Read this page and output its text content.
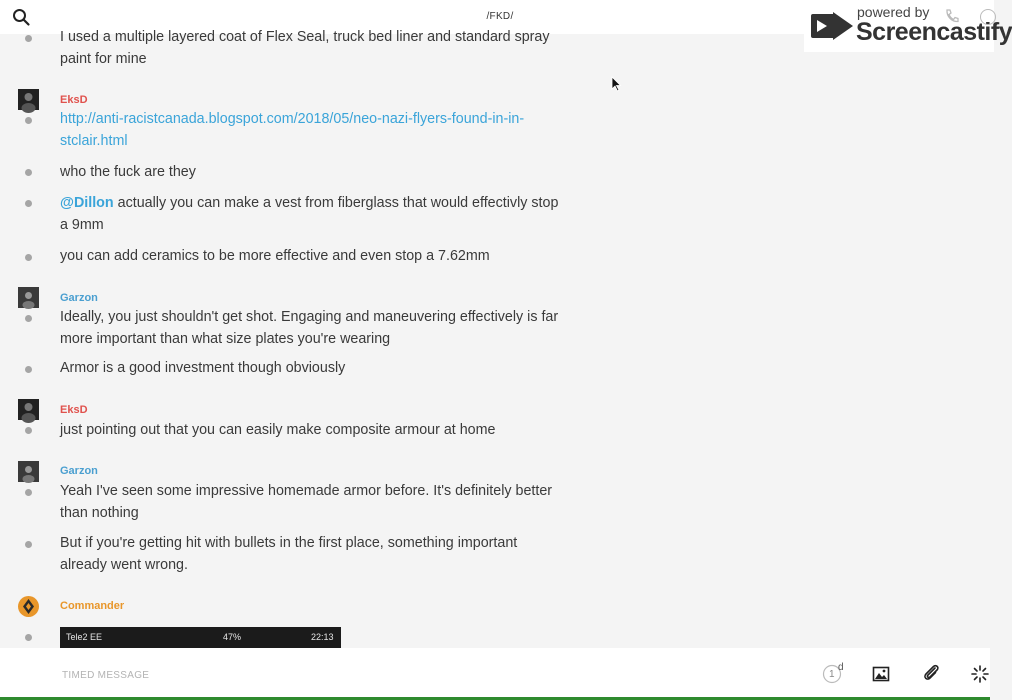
/FKD/	powered by
Screencastify
I used a multiple layered coat of Flex Seal, truck bed liner and standard spray paint for mine
EksD
http://anti-racistcanada.blogspot.com/2018/05/neo-nazi-flyers-found-in-in-stclair.html
who the fuck are they
@Dillon actually you can make a vest from fiberglass that would effectivly stop a 9mm
you can add ceramics to be more effective and even stop a 7.62mm
Garzon
Ideally, you just shouldn't get shot. Engaging and maneuvering effectively is far more important than what size plates you're wearing
Armor is a good investment though obviously
EksD
just pointing out that you can easily make composite armour at home
Garzon
Yeah I've seen some impressive homemade armor before. It's definitely better than nothing
But if you're getting hit with bullets in the first place, something important already went wrong.
Commander
Tele2 EE	47%	22:13
TIMED MESSAGE
1
d
